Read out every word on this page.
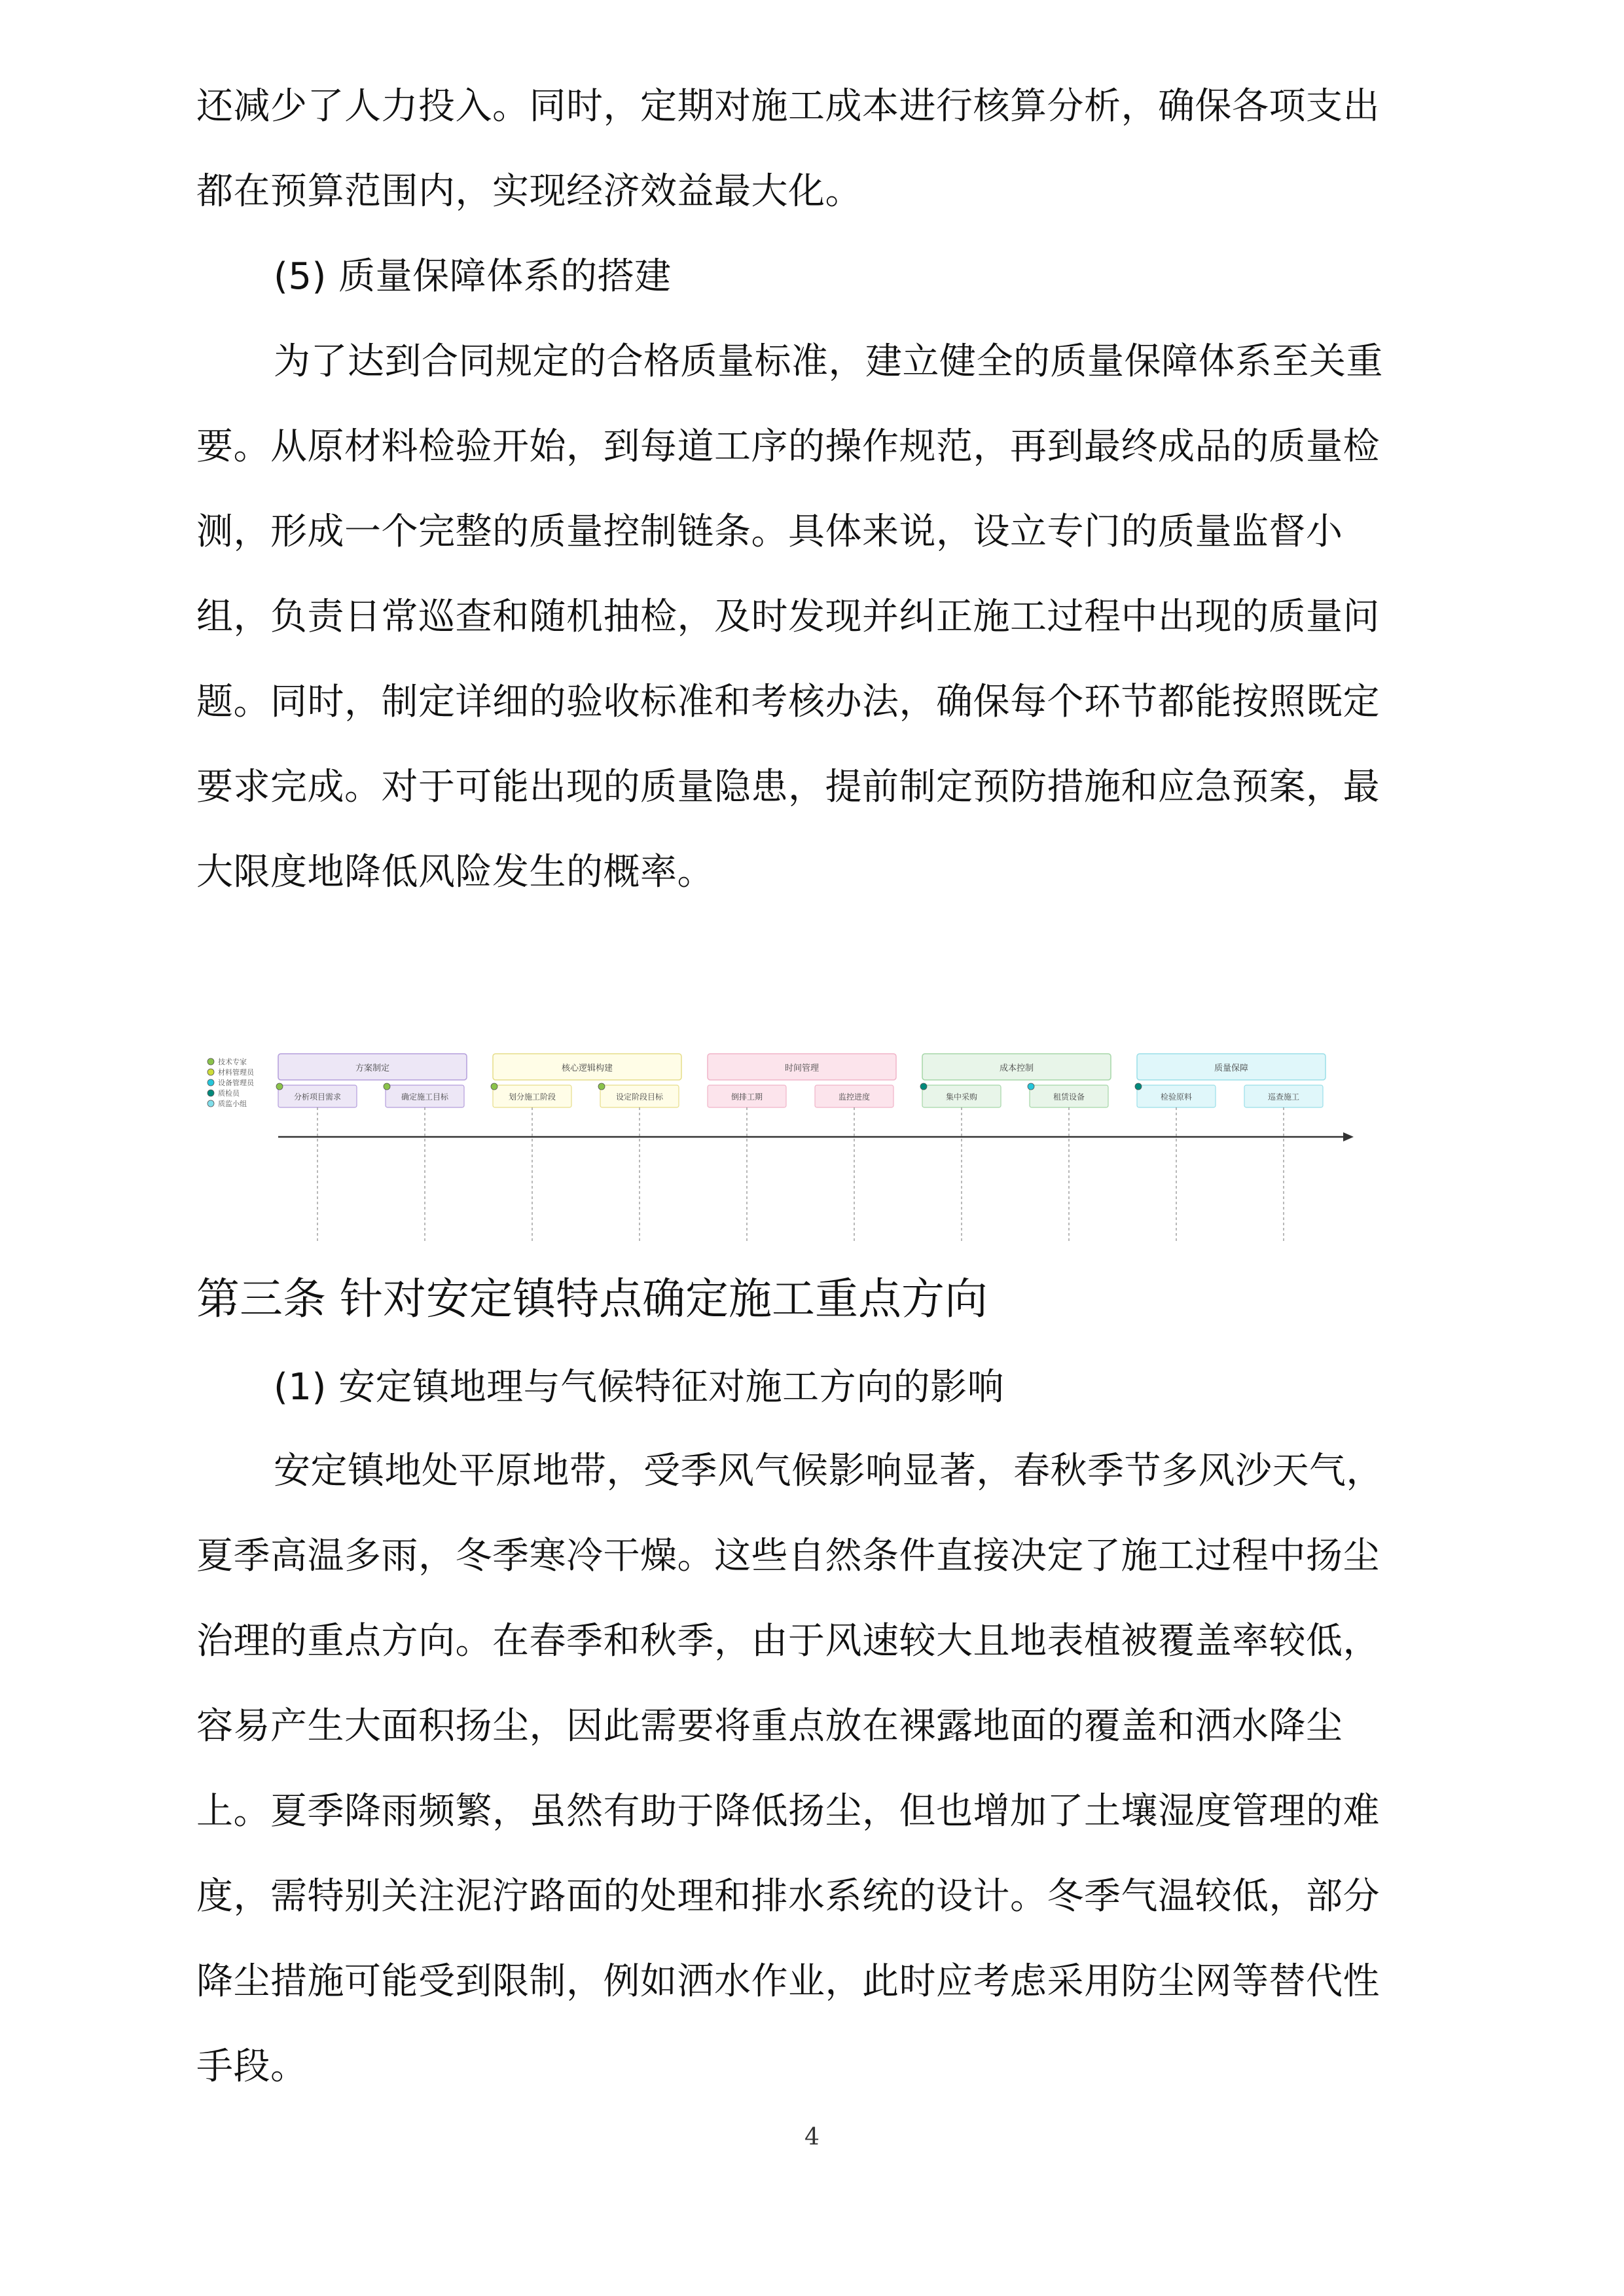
还减少了人力投入。同时，定期对施工成本进行核算分析，确保各项支出
都在预算范围内，实现经济效益最大化。
(5) 质量保障体系的搭建
为了达到合同规定的合格质量标准，建立健全的质量保障体系至关重
要。从原材料检验开始，到每道工序的操作规范，再到最终成品的质量检
测，形成一个完整的质量控制链条。具体来说，设立专门的质量监督小
组，负责日常巡查和随机抽检，及时发现并纠正施工过程中出现的质量问
题。同时，制定详细的验收标准和考核办法，确保每个环节都能按照既定
要求完成。对于可能出现的质量隐患，提前制定预防措施和应急预案，最
大限度地降低风险发生的概率。
技术专家
材料管理员
设备管理员
质检员
质监小组
方案制定
分析项目需求	确定施工目标
核心逻辑构建
划分施工阶段	设定阶段目标
时间管理
倒排工期	监控进度
成本控制
集中采购	租赁设备
质量保障
检验原料	巡查施工
第三条 针对安定镇特点确定施工重点方向
(1) 安定镇地理与气候特征对施工方向的影响
安定镇地处平原地带，受季风气候影响显著，春秋季节多风沙天气，
夏季高温多雨，冬季寒冷干燥。这些自然条件直接决定了施工过程中扬尘
治理的重点方向。在春季和秋季，由于风速较大且地表植被覆盖率较低，
容易产生大面积扬尘，因此需要将重点放在裸露地面的覆盖和洒水降尘
上。夏季降雨频繁，虽然有助于降低扬尘，但也增加了土壤湿度管理的难
度，需特别关注泥泞路面的处理和排水系统的设计。冬季气温较低，部分
降尘措施可能受到限制，例如洒水作业，此时应考虑采用防尘网等替代性
手段。
4
